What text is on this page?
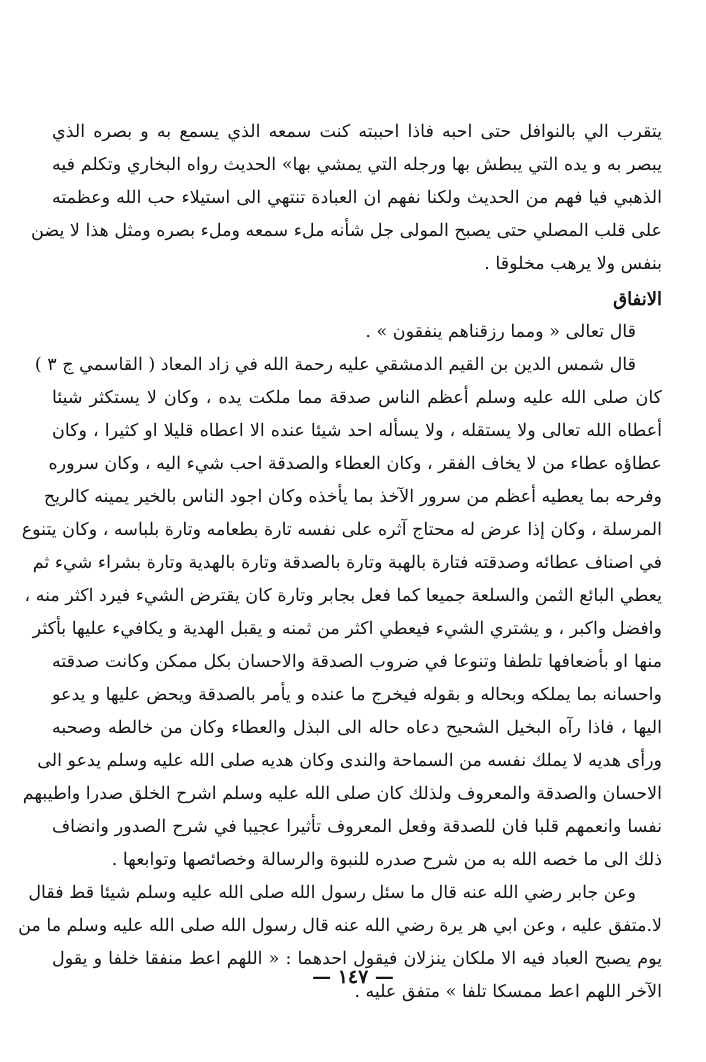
يتقرب الي بالنوافل حتى احبه فاذا احببته كنت سمعه الذي يسمع به و بصره الذي
يبصر به و يده التي يبطش بها ورجله التي يمشي بها» الحديث رواه البخاري وتكلم فيه
الذهبي فيا فهم من الحديث ولكنا نفهم ان العبادة تنتهي الى استيلاء حب الله وعظمته
على قلب المصلي حتى يصبح المولى جل شأنه ملء سمعه وملء بصره ومثل هذا لا يضن
بنفس ولا يرهب مخلوقا .
الانفاق
قال تعالى « ومما رزقناهم ينفقون » .
قال شمس الدين بن القيم الدمشقي عليه رحمة الله في زاد المعاد ( القاسمي ج ٣ )
كان صلى الله عليه وسلم أعظم الناس صدقة مما ملكت يده ، وكان لا يستكثر شيئا
أعطاه الله تعالى ولا يستقله ، ولا يسأله احد شيئا عنده الا اعطاه قليلا او كثيرا ، وكان
عطاؤه عطاء من لا يخاف الفقر ، وكان العطاء والصدقة احب شيء اليه ، وكان سروره
وفرحه بما يعطيه أعظم من سرور الآخذ بما يأخذه وكان اجود الناس بالخير يمينه كالريح
المرسلة ، وكان إذا عرض له محتاج آثره على نفسه تارة بطعامه وتارة بلباسه ، وكان يتنوع
في اصناف عطائه وصدقته فتارة بالهبة وتارة بالصدقة وتارة بالهدية وتارة بشراء شيء ثم
يعطي البائع الثمن والسلعة جميعا كما فعل بجابر وتارة كان يقترض الشيء فيرد اكثر منه ،
وافضل واكبر ، و يشتري الشيء فيعطي اكثر من ثمنه و يقبل الهدية و يكافيء عليها بأكثر
منها او بأضعافها تلطفا وتنوعا في ضروب الصدقة والاحسان بكل ممكن وكانت صدقته
واحسانه بما يملكه وبحاله و بقوله فيخرج ما عنده و يأمر بالصدقة ويحض عليها و يدعو
اليها ، فاذا رآه البخيل الشحيح دعاه حاله الى البذل والعطاء وكان من خالطه وصحبه
ورأى هديه لا يملك نفسه من السماحة والندى وكان هديه صلى الله عليه وسلم يدعو الى
الاحسان والصدقة والمعروف ولذلك كان صلى الله عليه وسلم اشرح الخلق صدرا واطيبهم
نفسا وانعمهم قلبا فان للصدقة وفعل المعروف تأثيرا عجيبا في شرح الصدور وانضاف
ذلك الى ما خصه الله به من شرح صدره للنبوة والرسالة وخصائصها وتوابعها .
وعن جابر رضي الله عنه قال ما سئل رسول الله صلى الله عليه وسلم شيئا قط فقال
لا.متفق عليه ، وعن ابي هر يرة رضي الله عنه قال رسول الله صلى الله عليه وسلم ما من
يوم يصبح العباد فيه الا ملكان ينزلان فيقول احدهما : « اللهم اعط منفقا خلفا و يقول
الآخر اللهم اعط ممسكا تلفا » متفق عليه .
— ١٤٧ —
